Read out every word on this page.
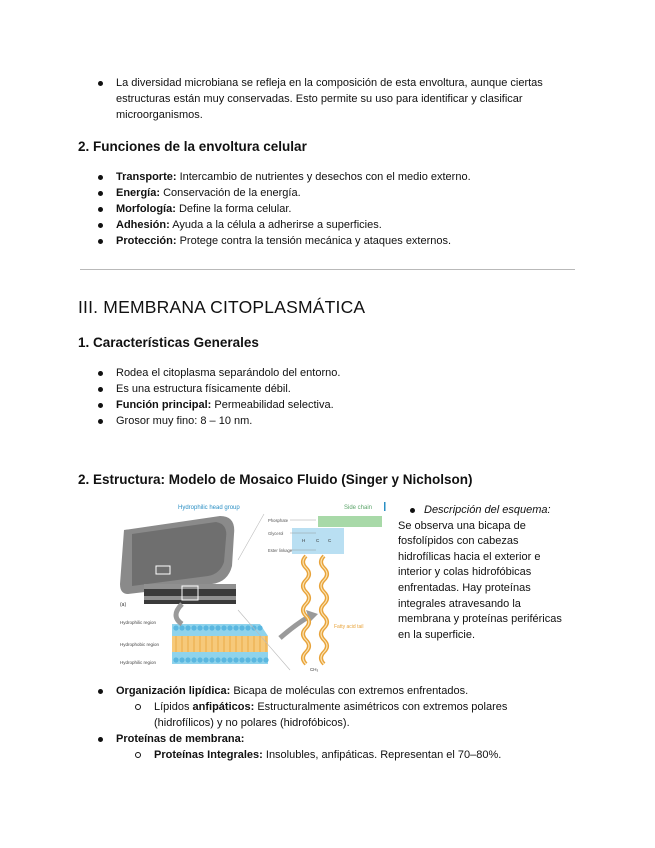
La diversidad microbiana se refleja en la composición de esta envoltura, aunque ciertas
estructuras están muy conservadas. Esto permite su uso para identificar y clasificar
microorganismos.
2. Funciones de la envoltura celular
Transporte: Intercambio de nutrientes y desechos con el medio externo.
Energía: Conservación de la energía.
Morfología: Define la forma celular.
Adhesión: Ayuda a la célula a adherirse a superficies.
Protección: Protege contra la tensión mecánica y ataques externos.
III. MEMBRANA CITOPLASMÁTICA
1. Características Generales
Rodea el citoplasma separándolo del entorno.
Es una estructura físicamente débil.
Función principal: Permeabilidad selectiva.
Grosor muy fino: 8 – 10 nm.
2. Estructura: Modelo de Mosaico Fluido (Singer y Nicholson)
(a)
Hydrophilic region
Hydrophobic region
Hydrophilic region
Hydrophilic head group	Side chain
Phosphate
Glycerol
Ester linkage
H C C
Fatty acid tail
CH₃
Descripción del esquema:
Se observa una bicapa de
fosfolípidos con cabezas
hidrofílicas hacia el exterior e
interior y colas hidrofóbicas
enfrentadas. Hay proteínas
integrales atravesando la
membrana y proteínas periféricas
en la superficie.
Organización lipídica: Bicapa de moléculas con extremos enfrentados.
Lípidos anfipáticos: Estructuralmente asimétricos con extremos polares
(hidrofílicos) y no polares (hidrofóbicos).
Proteínas de membrana:
Proteínas Integrales: Insolubles, anfipáticas. Representan el 70–80%.
